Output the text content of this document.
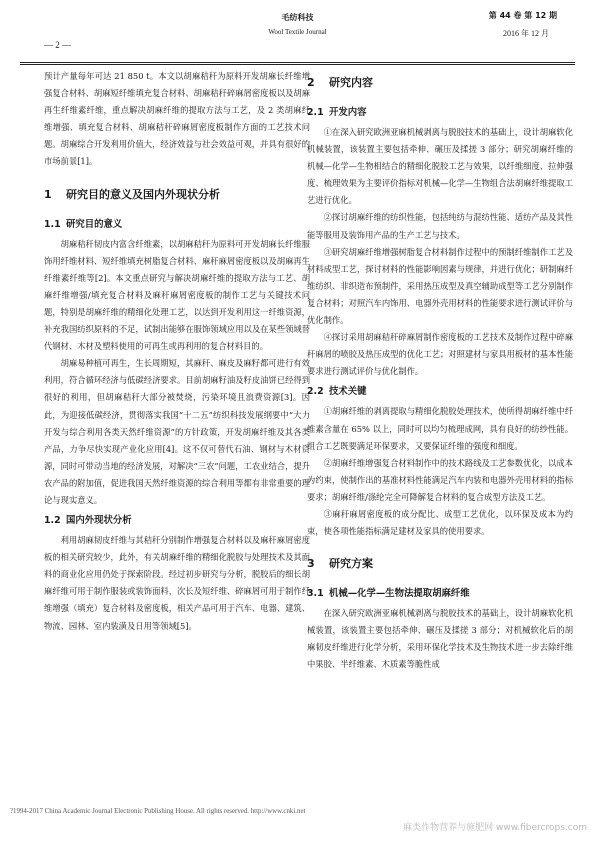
— 2 —
毛纺科技
Wool Textile Journal
第 44 卷 第 12 期
2016 年 12 月

预计产量每年可达 21 850 t。本文以胡麻秸秆为原料开发胡麻长纤维增强复合材料、胡麻短纤维填充复合材料、胡麻秸秆碎麻屑密度板以及胡麻再生纤维素纤维，重点解决胡麻纤维的提取方法与工艺，及 2 类胡麻纤维增强、填充复合材料、胡麻秸秆碎麻屑密度板制作方面的工艺技术问题。胡麻综合开发利用价值大，经济效益与社会效益可观，并具有很好的市场前景[1]。

1 研究目的意义及国内外现状分析
1.1 研究目的意义

胡麻秸秆韧皮内富含纤维素，以胡麻秸秆为原料可开发胡麻长纤维服饰用纤维材料、短纤维填充树脂复合材料、麻秆麻屑密度板以及胡麻再生纤维素纤维等[2]。本文重点研究与解决胡麻纤维的提取方法与工艺、胡麻纤维增强/填充复合材料及麻秆麻屑密度板的制作工艺与关键技术问题，特别是胡麻纤维的精细化处理工艺，以达到开发利用这一纤维资源，补充我国纺织原料的不足，试制出能够在服饰领域应用以及在某些领域替代钢材、木材及塑料使用的可再生或再利用的复合材料目的。

胡麻易种植可再生，生长周期短，其麻秆、麻皮及麻籽都可进行有效利用，符合循环经济与低碳经济要求。目前胡麻籽油及籽皮油饼已经得到很好的利用，但胡麻秸秆大部分被焚烧，污染环境且浪费资源[3]。因此，为迎接低碳经济，贯彻落实我国“十二五”纺织科技发展纲要中“大力开发与综合利用各类天然纤维资源”的方针政策，开发胡麻纤维及其各类产品，力争尽快实现产业化应用[4]。这不仅可替代石油、钢材与木材资源，同时可带动当地的经济发展，对解决“三农”问题，工农业结合，提升农产品的附加值，促进我国天然纤维资源的综合利用等都有非常重要的理论与现实意义。

1.2 国内外现状分析

利用胡麻韧皮纤维与其秸秆分别制作增强复合材料以及麻秆麻屑密度板的相关研究较少，此外，有关胡麻纤维的精细化脱胶与处理技术及其面料的商业化应用仍处于探索阶段。经过初步研究与分析，脱胶后的细长胡麻纤维可用于制作服装或装饰面料，次长及短纤维、碎麻屑可用于制作纤维增强（填充）复合材料及密度板，相关产品可用于汽车、电器、建筑、物流、园林、室内装潢及日用等领域[5]。

2 研究内容
2.1 开发内容

①在深入研究欧洲亚麻机械剥离与脱胶技术的基础上，设计胡麻软化机械装置，该装置主要包括牵伸、碾压及揉搓 3 部分；研究胡麻纤维的机械—化学—生物相结合的精细化脱胶工艺与效果，以纤维细度、拉伸强度、梳理效果为主要评价指标对机械—化学—生物组合法胡麻纤维提取工艺进行优化。

②探讨胡麻纤维的纺织性能，包括纯纺与混纺性能、适纺产品及其性能等服用及装饰用产品的生产工艺与技术。

③研究胡麻纤维增强树脂复合材料制作过程中的预制纤维制作工艺及材料成型工艺，探讨材料的性能影响因素与规律，并进行优化；研制麻纤维纺织、非织造布预制件，采用热压成型及真空辅助成型等工艺分别制作复合材料；对照汽车内饰用、电器外壳用材料的性能要求进行测试评价与优化制作。

④探讨采用胡麻秸秆碎麻屑制作密度板的工艺技术及制作过程中碎麻秆麻屑的喷胶及热压成型的优化工艺；对照建材与家具用板材的基本性能要求进行测试评价与优化制作。

2.2 技术关键

①胡麻纤维的剥离提取与精细化脱胶处理技术，使所得胡麻纤维中纤维素含量在 65% 以上，同时可以均匀梳理成网，具有良好的纺纱性能。组合工艺既要满足环保要求，又要保证纤维的强度和细度。

②胡麻纤维增强复合材料制作中的技术路线及工艺参数优化，以成本为约束，使制作出的基准材料性能满足汽车内装和电器外壳用材料的指标要求；胡麻纤维/涤纶完全可降解复合材料的复合成型方法及工艺。

③麻秆麻屑密度板的成分配比、成型工艺优化，以环保及成本为约束，使各项性能指标满足建材及家具的使用要求。

3 研究方案
3.1 机械—化学—生物法提取胡麻纤维

在深入研究欧洲亚麻机械剥离与脱胶技术的基础上，设计胡麻软化机械装置，该装置主要包括牵伸、碾压及揉搓 3 部分；对机械软化后的胡麻韧皮纤维进行化学分析，采用环保化学技术及生物技术进一步去除纤维中果胶、半纤维素、木质素等脆性成

?1994-2017 China Academic Journal Electronic Publishing House. All rights reserved. http://www.cnki.net
麻类作物营养与施肥网 www.fibercrops.com
